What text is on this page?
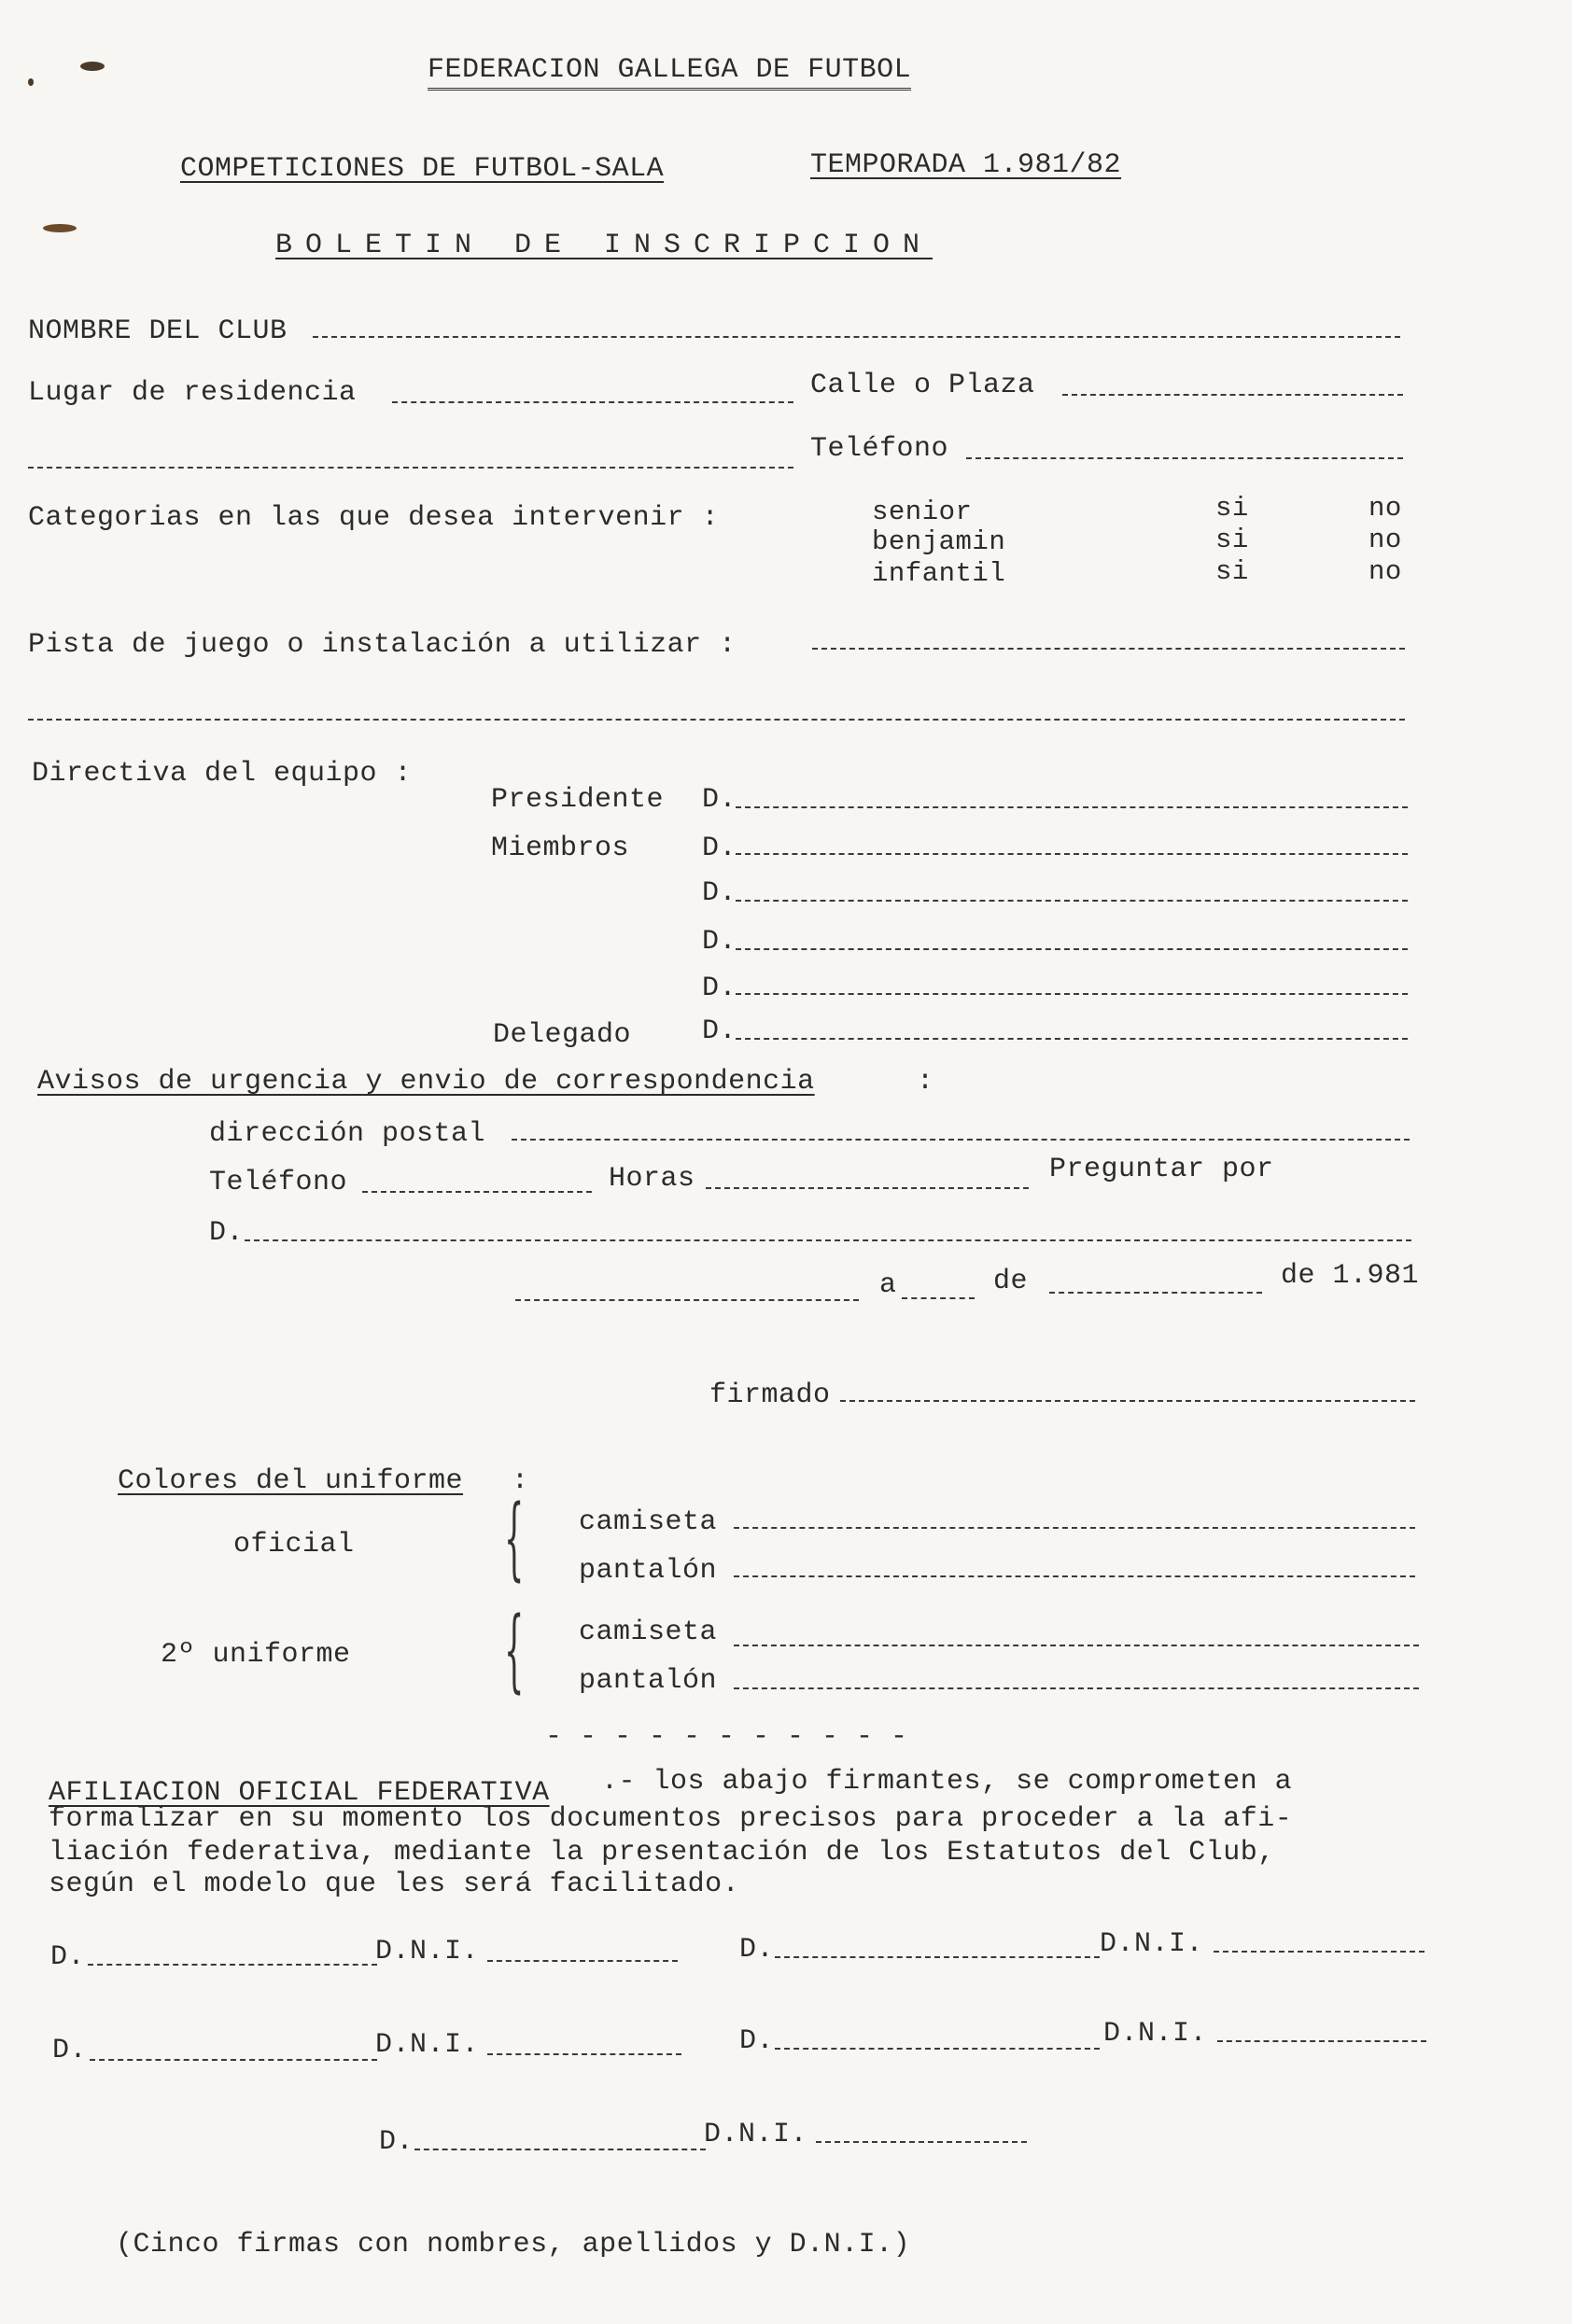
FEDERACION GALLEGA DE FUTBOL
COMPETICIONES DE FUTBOL-SALA	TEMPORADA 1.981/82
BOLETIN DE INSCRIPCION
NOMBRE DEL CLUB
Lugar de residencia	Calle o Plaza
Teléfono
Categorias en las que desea intervenir :	senior	si	no
benjamin	si	no
infantil	si	no
Pista de juego o instalación a utilizar :
Directiva del equipo :
Presidente D.
Miembros	D.
D.
D.
D.
Delegado	D.
Avisos de urgencia y envio de correspondencia	:
dirección postal
Teléfono	Horas	Preguntar por
D.
a	de	de 1.981
firmado
Colores del uniforme :
oficial { camiseta
pantalón
2º uniforme { camiseta
pantalón
- - - - - - - - - - -
AFILIACION OFICIAL FEDERATIVA .- los abajo firmantes, se comprometen a
formalizar en su momento los documentos precisos para proceder a la afi-
liación federativa, mediante la presentación de los Estatutos del Club,
según el modelo que les será facilitado.
D.	D.N.I.	D.	D.N.I.
D.	D.N.I.	D.	D.N.I.
D.	D.N.I.
(Cinco firmas con nombres, apellidos y D.N.I.)
